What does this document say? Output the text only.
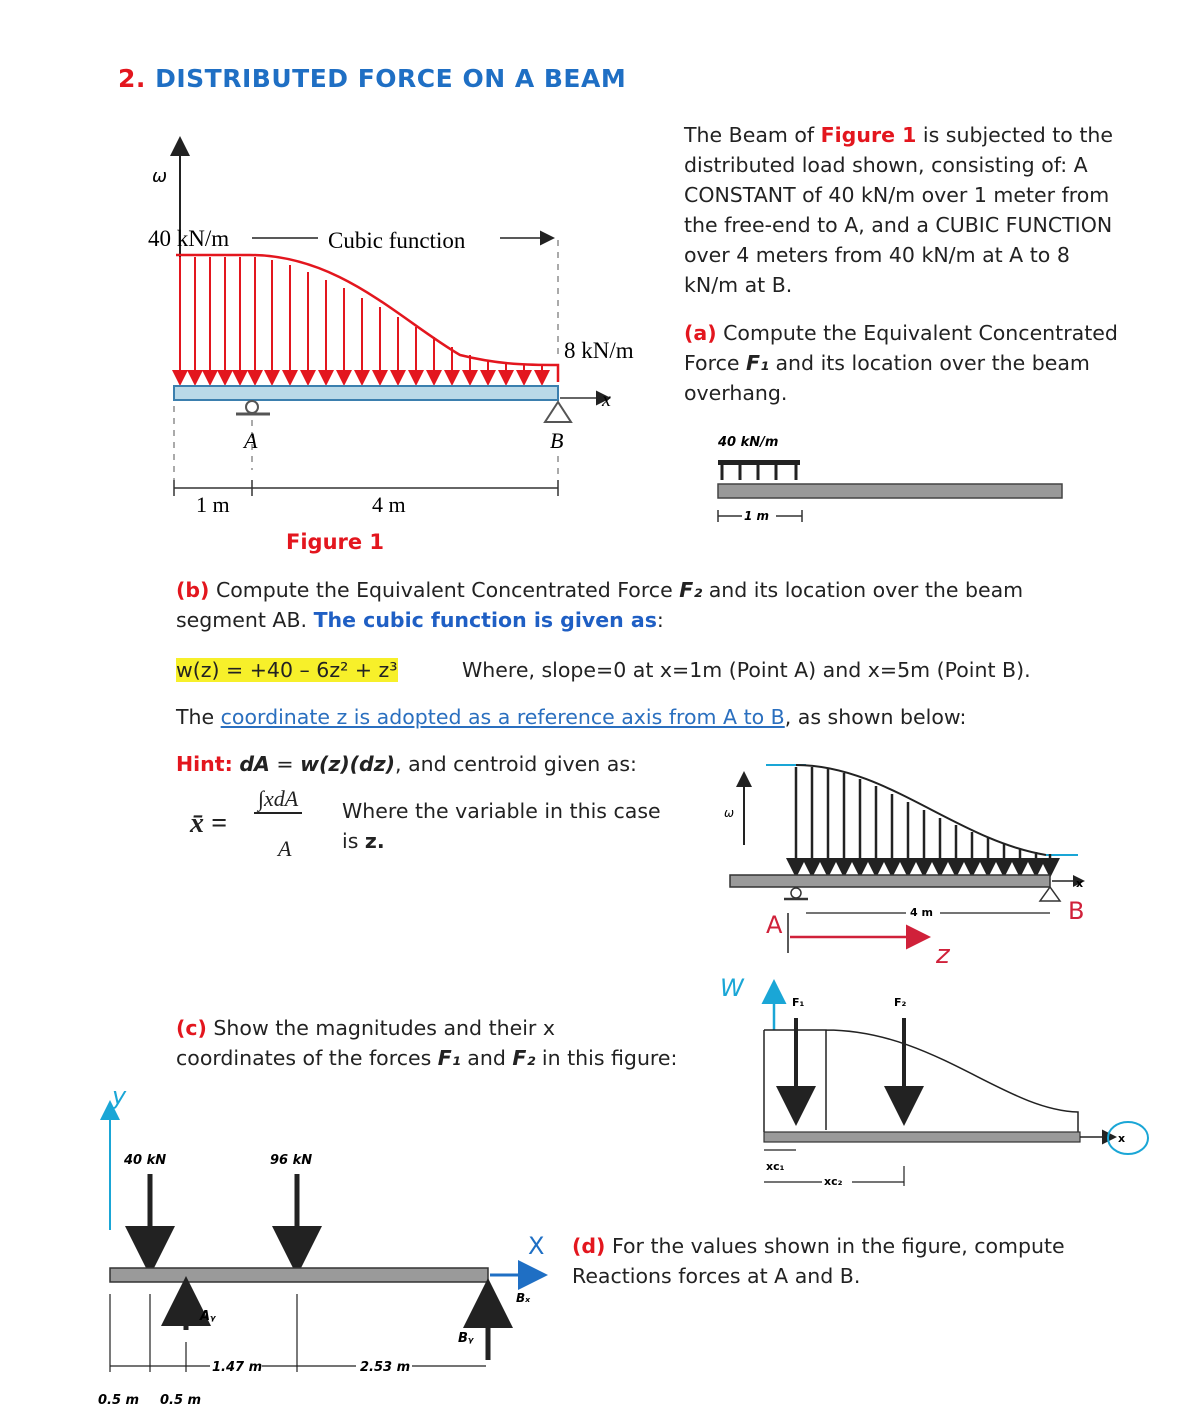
2. DISTRIBUTED FORCE ON A BEAM
ω
40 kN/m	Cubic function
8 kN/m
x
A	B
1 m	4 m
Figure 1
The Beam of Figure 1 is subjected to the distributed load shown, consisting of: A CONSTANT of 40 kN/m over 1 meter from the free-end to A, and a CUBIC FUNCTION over 4 meters from 40 kN/m at A to 8 kN/m at B.
(a) Compute the Equivalent Concentrated Force F₁ and its location over the beam overhang.
40 kN/m
1 m
(b) Compute the Equivalent Concentrated Force F₂ and its location over the beam segment AB. The cubic function is given as:
w(z) = +40 – 6z² + z³	Where, slope=0 at x=1m (Point A) and x=5m (Point B).
The coordinate z is adopted as a reference axis from A to B, as shown below:
Hint: dA = w(z)(dz), and centroid given as:
x̄ =
∫xdA
A
Where the variable in this case
is z.
ω
x
A	B
4 m
z
(c) Show the magnitudes and their x
coordinates of the forces F₁ and F₂ in this figure:
W
F₁	F₂
x
xᴄ₁
xᴄ₂
X (d) For the values shown in the figure, compute
Reactions forces at A and B.
y
40 kN	96 kN
Bₓ
Aᵧ
Bᵧ
1.47 m	2.53 m
0.5 m 0.5 m
